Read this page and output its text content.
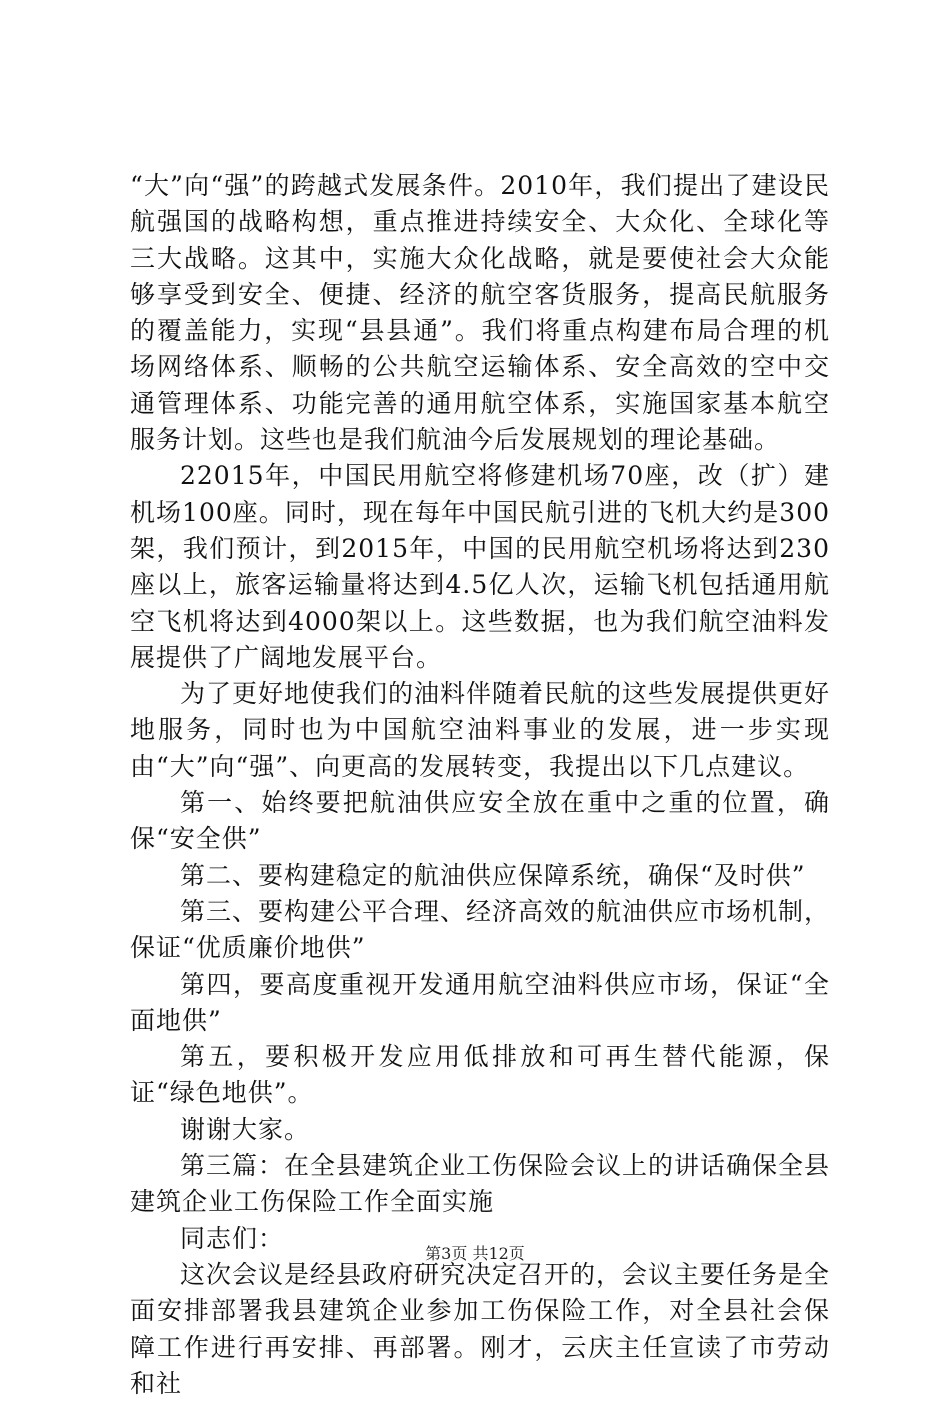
“大”向“强”的跨越式发展条件。2010年，我们提出了建设民航强国的战略构想，重点推进持续安全、大众化、全球化等三大战略。这其中，实施大众化战略，就是要使社会大众能够享受到安全、便捷、经济的航空客货服务，提高民航服务的覆盖能力，实现“县县通”。我们将重点构建布局合理的机场网络体系、顺畅的公共航空运输体系、安全高效的空中交通管理体系、功能完善的通用航空体系，实施国家基本航空服务计划。这些也是我们航油今后发展规划的理论基础。

22015年，中国民用航空将修建机场70座，改（扩）建机场100座。同时，现在每年中国民航引进的飞机大约是300架，我们预计，到2015年，中国的民用航空机场将达到230座以上，旅客运输量将达到4.5亿人次，运输飞机包括通用航空飞机将达到4000架以上。这些数据，也为我们航空油料发展提供了广阔地发展平台。

为了更好地使我们的油料伴随着民航的这些发展提供更好地服务，同时也为中国航空油料事业的发展，进一步实现由“大”向“强”、向更高的发展转变，我提出以下几点建议。

第一、始终要把航油供应安全放在重中之重的位置，确保“安全供”

第二、要构建稳定的航油供应保障系统，确保“及时供”

第三、要构建公平合理、经济高效的航油供应市场机制，保证“优质廉价地供”

第四，要高度重视开发通用航空油料供应市场，保证“全面地供”

第五，要积极开发应用低排放和可再生替代能源，保证“绿色地供”。

谢谢大家。

第三篇：在全县建筑企业工伤保险会议上的讲话确保全县建筑企业工伤保险工作全面实施

同志们：

这次会议是经县政府研究决定召开的，会议主要任务是全面安排部署我县建筑企业参加工伤保险工作，对全县社会保障工作进行再安排、再部署。刚才，云庆主任宣读了市劳动和社

第3页 共12页
